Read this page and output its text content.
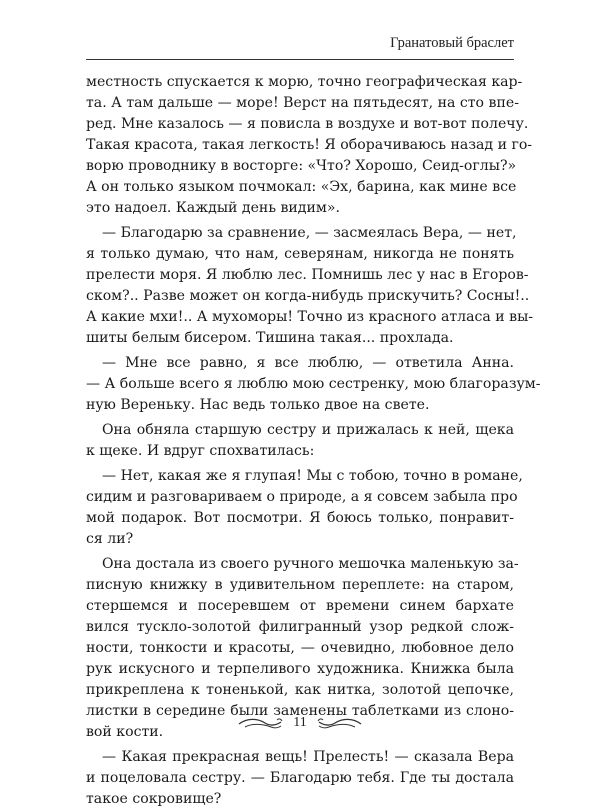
Гранатовый браслет
местность спускается к морю, точно географическая кар-
та. А там дальше — море! Верст на пятьдесят, на сто впе-
ред. Мне казалось — я повисла в воздухе и вот-вот полечу.
Такая красота, такая легкость! Я оборачиваюсь назад и го-
ворю проводнику в восторге: «Что? Хорошо, Сеид-оглы?»
А он только языком почмокал: «Эх, барина, как мине все
это надоел. Каждый день видим».
— Благодарю за сравнение, — засмеялась Вера, — нет,
я только думаю, что нам, северянам, никогда не понять
прелести моря. Я люблю лес. Помнишь лес у нас в Егоров-
ском?.. Разве может он когда-нибудь прискучить? Сосны!..
А какие мхи!.. А мухоморы! Точно из красного атласа и вы-
шиты белым бисером. Тишина такая... прохлада.
— Мне все равно, я все люблю, — ответила Анна.
— А больше всего я люблю мою сестренку, мою благоразум-
ную Вереньку. Нас ведь только двое на свете.
Она обняла старшую сестру и прижалась к ней, щека
к щеке. И вдруг спохватилась:
— Нет, какая же я глупая! Мы с тобою, точно в романе,
сидим и разговариваем о природе, а я совсем забыла про
мой подарок. Вот посмотри. Я боюсь только, понравит-
ся ли?
Она достала из своего ручного мешочка маленькую за-
писную книжку в удивительном переплете: на старом,
стершемся и посеревшем от времени синем бархате
вился тускло-золотой филигранный узор редкой слож-
ности, тонкости и красоты, — очевидно, любовное дело
рук искусного и терпеливого художника. Книжка была
прикреплена к тоненькой, как нитка, золотой цепочке,
листки в середине были заменены таблетками из слоно-
вой кости.
— Какая прекрасная вещь! Прелесть! — сказала Вера
и поцеловала сестру. — Благодарю тебя. Где ты достала
такое сокровище?
11
